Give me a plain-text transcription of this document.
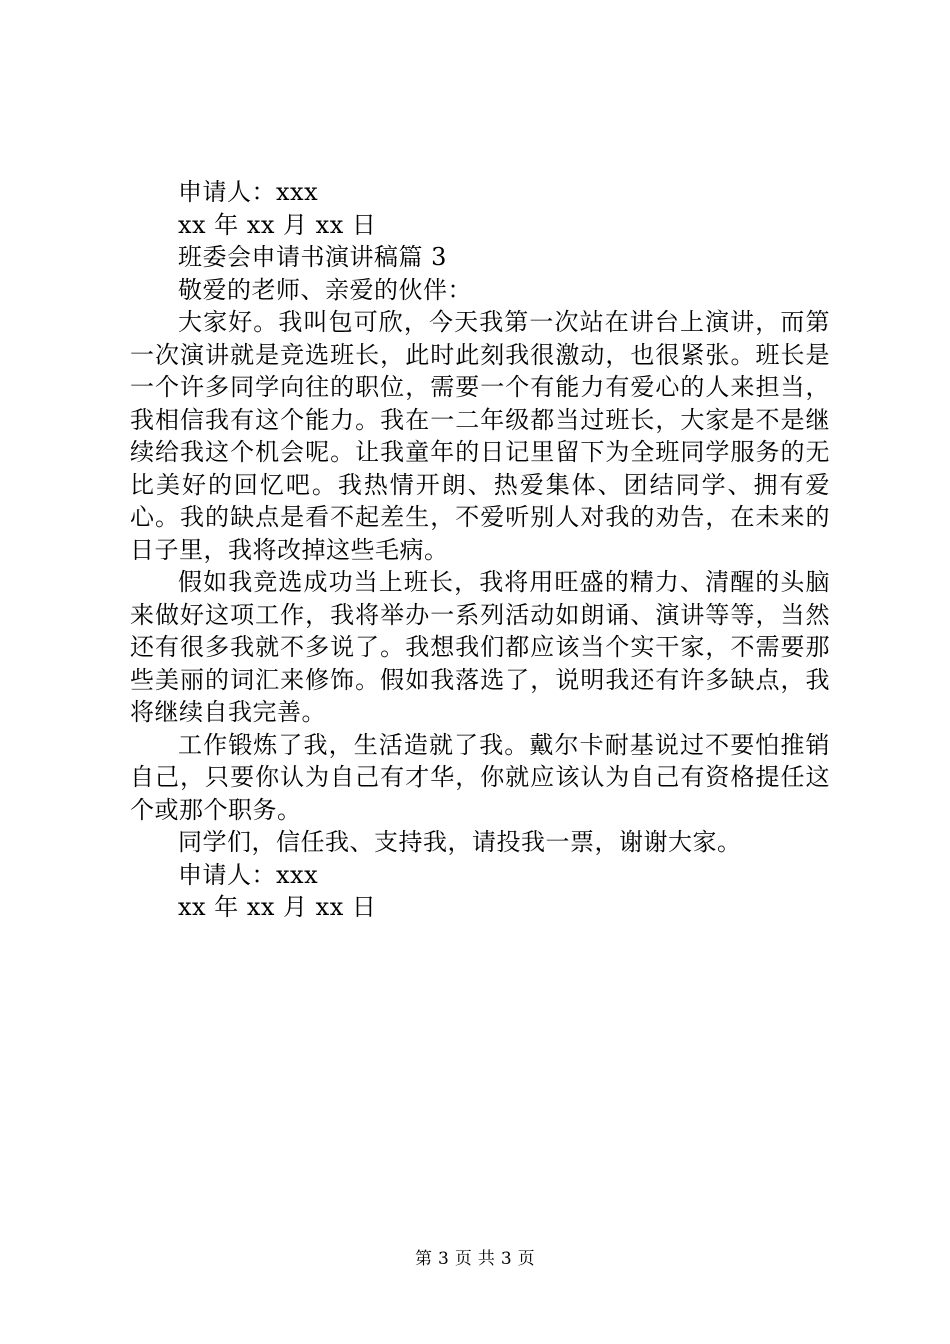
申请人：xxx

xx 年 xx 月 xx 日

班委会申请书演讲稿篇 3

敬爱的老师、亲爱的伙伴：

大家好。我叫包可欣，今天我第一次站在讲台上演讲，而第一次演讲就是竞选班长，此时此刻我很激动，也很紧张。班长是一个许多同学向往的职位，需要一个有能力有爱心的人来担当，我相信我有这个能力。我在一二年级都当过班长，大家是不是继续给我这个机会呢。让我童年的日记里留下为全班同学服务的无比美好的回忆吧。我热情开朗、热爱集体、团结同学、拥有爱心。我的缺点是看不起差生，不爱听别人对我的劝告，在未来的日子里，我将改掉这些毛病。

假如我竞选成功当上班长，我将用旺盛的精力、清醒的头脑来做好这项工作，我将举办一系列活动如朗诵、演讲等等，当然还有很多我就不多说了。我想我们都应该当个实干家，不需要那些美丽的词汇来修饰。假如我落选了，说明我还有许多缺点，我将继续自我完善。

工作锻炼了我，生活造就了我。戴尔卡耐基说过不要怕推销自己，只要你认为自己有才华，你就应该认为自己有资格提任这个或那个职务。

同学们，信任我、支持我，请投我一票，谢谢大家。

申请人：xxx

xx 年 xx 月 xx 日

第 3 页 共 3 页
